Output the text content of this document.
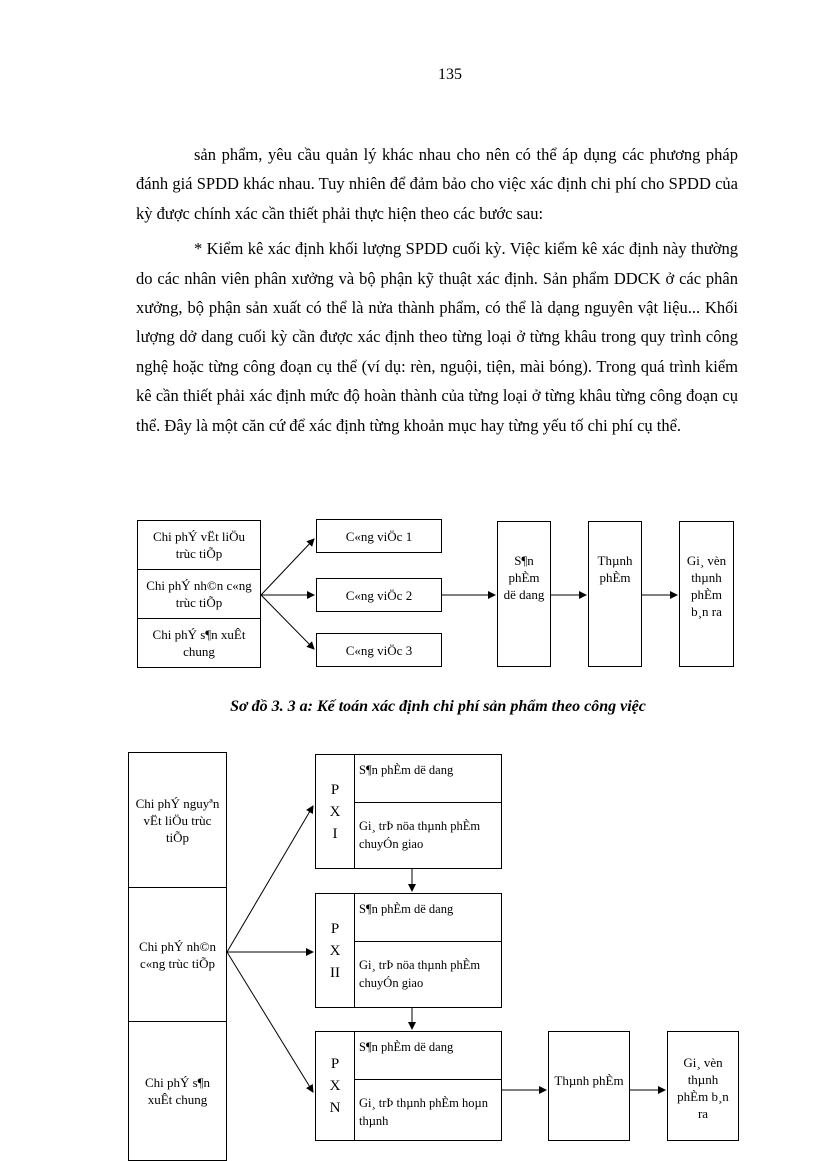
135

sản phẩm, yêu cầu quản lý khác nhau cho nên có thể áp dụng các phương pháp đánh giá SPDD khác nhau. Tuy nhiên để đảm bảo cho việc xác định chi phí cho SPDD của kỳ được chính xác cần thiết phải thực hiện theo các bước sau:

* Kiểm kê xác định khối lượng SPDD cuối kỳ. Việc kiểm kê xác định này thường do các nhân viên phân xưởng và bộ phận kỹ thuật xác định. Sản phẩm DDCK ở các phân xưởng, bộ phận sản xuất có thể là nửa thành phẩm, có thể là dạng nguyên vật liệu... Khối lượng dở dang cuối kỳ cần được xác định theo từng loại ở từng khâu trong quy trình công nghệ hoặc từng công đoạn cụ thể (ví dụ: rèn, nguội, tiện, mài bóng). Trong quá trình kiểm kê cần thiết phải xác định mức độ hoàn thành của từng loại ở từng khâu từng công đoạn cụ thể. Đây là một căn cứ để xác định từng khoản mục hay từng yếu tố chi phí cụ thể.

Chi phÝ vËt liÖu trùc tiÕp
Chi phÝ nh©n c«ng trùc tiÕp
Chi phÝ s¶n xuÊt chung
C«ng viÖc 1
C«ng viÖc 2
C«ng viÖc 3
S¶n phÈm dë dang
Thµnh phÈm
Gi¸ vèn thµnh phÈm b¸n ra
Sơ đồ 3. 3 a: Kế toán xác định chi phí sản phẩm theo công việc
Chi phÝ nguyªn vËt liÖu trùc tiÕp
Chi phÝ nh©n c«ng trùc tiÕp
Chi phÝ s¶n xuÊt chung
P X I
S¶n phÈm dë dang
Gi¸ trÞ nöa thµnh phÈm chuyÓn giao
P X II
S¶n phÈm dë dang
Gi¸ trÞ nöa thµnh phÈm chuyÓn giao
P X N
S¶n phÈm dë dang
Gi¸ trÞ thµnh phÈm hoµn thµnh
Thµnh phÈm
Gi¸ vèn thµnh phÈm b¸n ra
